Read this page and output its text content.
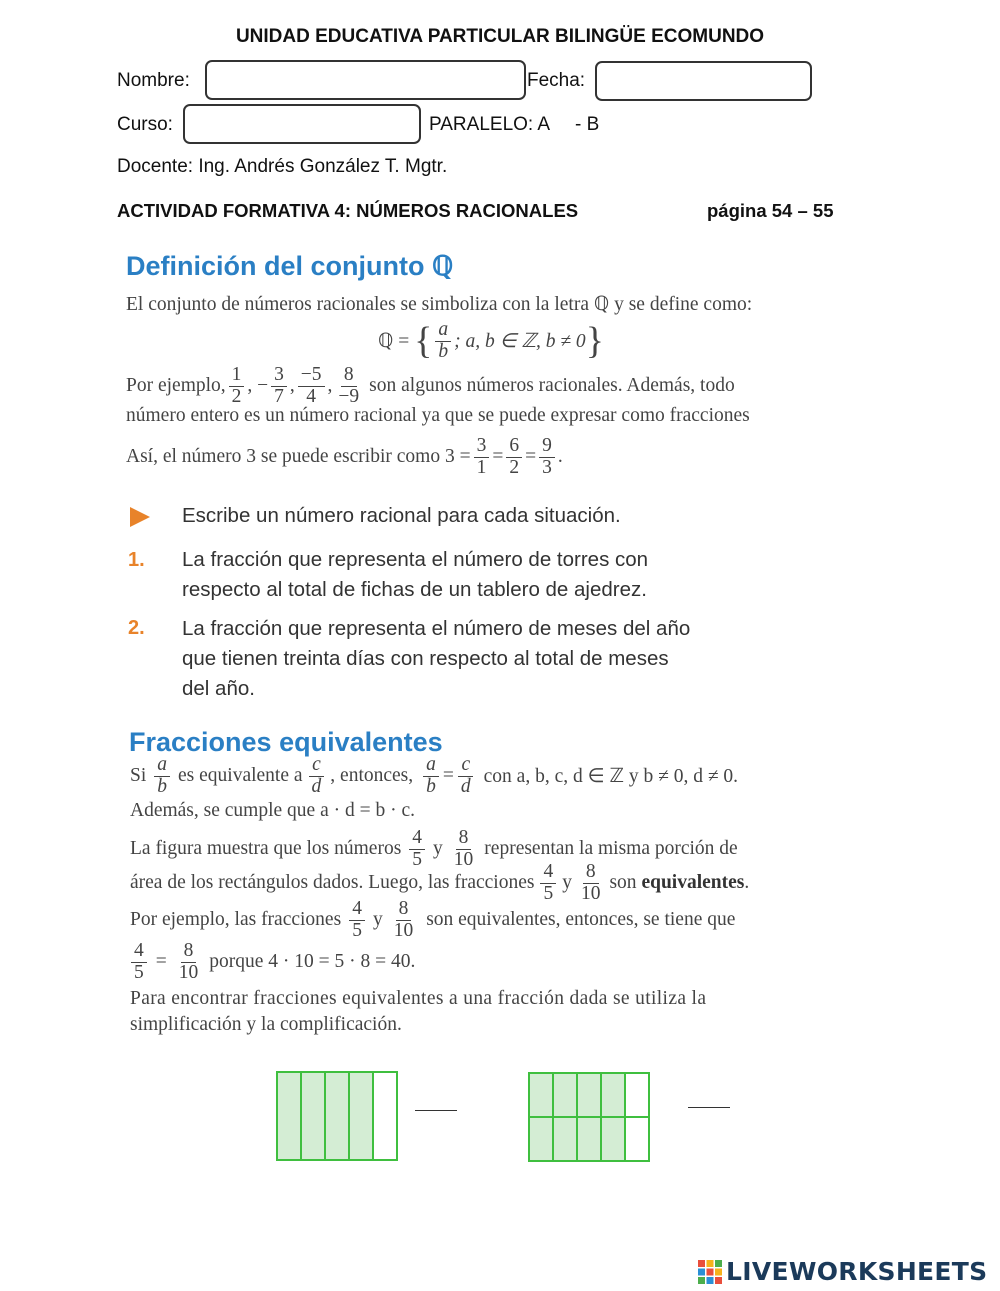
UNIDAD EDUCATIVA PARTICULAR BILINGÜE ECOMUNDO
Nombre:	Fecha:
Curso:	PARALELO: A - B
Docente: Ing. Andrés González T. Mgtr.
ACTIVIDAD FORMATIVA 4: NÚMEROS RACIONALES	página 54 – 55
Definición del conjunto ℚ
El conjunto de números racionales se simboliza con la letra ℚ y se define como:
ℚ = { $\frac{a}{b}$ ; a, b ∈ ℤ, b ≠ 0 }
Por ejemplo, $\frac{1}{2}$ , − $\frac{3}{7}$ , $\frac{-5}{4}$ , $\frac{8}{-9}$ son algunos números racionales. Además, todo
número entero es un número racional ya que se puede expresar como fracciones
Así, el número 3 se puede escribir como $3 = \frac{3}{1} = \frac{6}{2} = \frac{9}{3}$ .
Escribe un número racional para cada situación.
1. La fracción que representa el número de torres con
respecto al total de fichas de un tablero de ajedrez.
2. La fracción que representa el número de meses del año
que tienen treinta días con respecto al total de meses
del año.
Fracciones equivalentes
Si $\frac{a}{b}$ es equivalente a $\frac{c}{d}$ , entonces, $\frac{a}{b} = \frac{c}{d}$ con a, b, c, d ∈ ℤ y b ≠ 0, d ≠ 0.
Además, se cumple que a · d = b · c.
La figura muestra que los números $\frac{4}{5}$ y $\frac{8}{10}$ representan la misma porción de
área de los rectángulos dados. Luego, las fracciones $\frac{4}{5}$ y $\frac{8}{10}$ son
equivalentes .
Por ejemplo, las fracciones $\frac{4}{5}$ y $\frac{8}{10}$ son equivalentes, entonces, se tiene que
$\frac{4}{5} = \frac{8}{10}$ porque 4 · 10 = 5 · 8 = 40.
Para encontrar fracciones equivalentes a una fracción dada se utiliza la
simplificación y la complificación.
LIVEWORKSHEETS
